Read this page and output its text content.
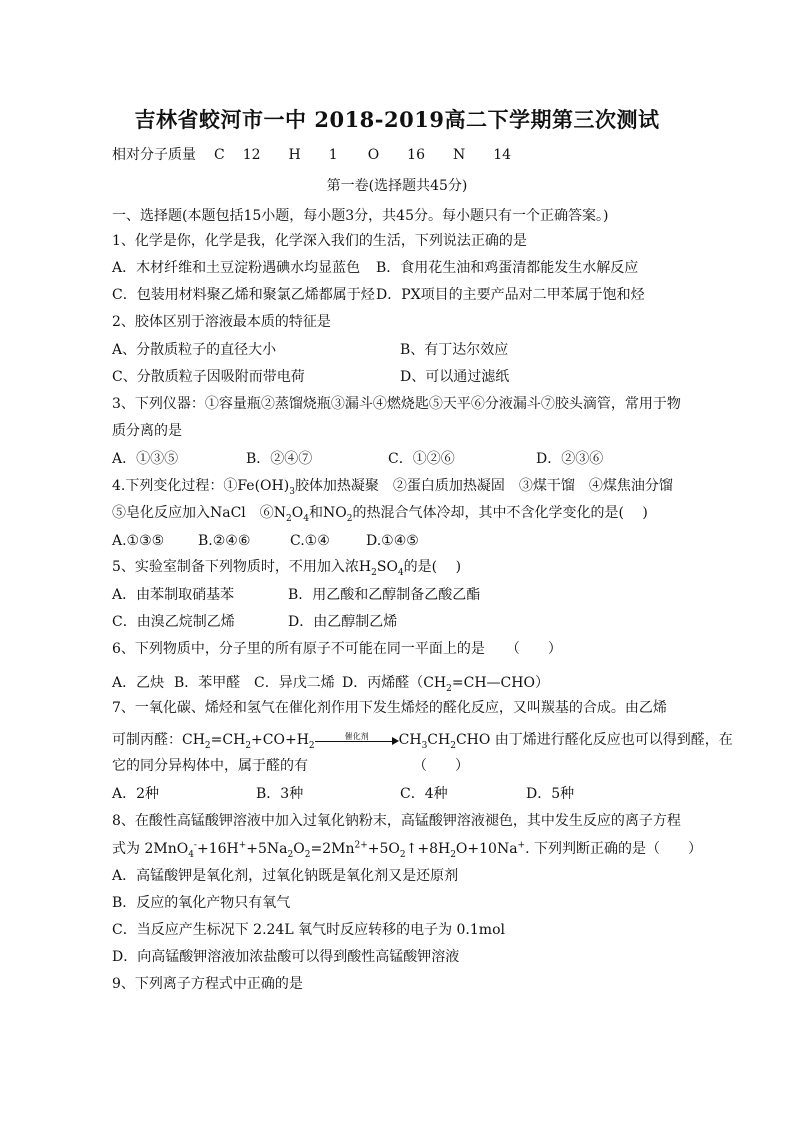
吉林省蛟河市一中 2018-2019高二下学期第三次测试
相对分子质量 C 12 H 1 O 16 N 14
第一卷(选择题共45分)
一、选择题(本题包括15小题，每小题3分，共45分。每小题只有一个正确答案。)
1、化学是你，化学是我，化学深入我们的生活，下列说法正确的是
A．木材纤维和土豆淀粉遇碘水均显蓝色 B．食用花生油和鸡蛋清都能发生水解反应
C．包装用材料聚乙烯和聚氯乙烯都属于烃 D．PX项目的主要产品对二甲苯属于饱和烃
2、胶体区别于溶液最本质的特征是
A、分散质粒子的直径大小	B、有丁达尔效应
C、分散质粒子因吸附而带电荷	D、可以通过滤纸
3、下列仪器：①容量瓶②蒸馏烧瓶③漏斗④燃烧匙⑤天平⑥分液漏斗⑦胶头滴管，常用于物
质分离的是
A．①③⑤	B．②④⑦	C．①②⑥	D．②③⑥
4.下列变化过程：$①Fe(OH)_3$胶体加热凝聚　②蛋白质加热凝固　③煤干馏　④煤焦油分馏
⑤皂化反应加入NaCl　$⑥N_2O_4$和$NO_2$的热混合气体冷却，其中不含化学变化的是(　 )
A.①③⑤ B.②④⑥	C.①④	D.①④⑤
5、实验室制备下列物质时，不用加入浓$H_2SO_4$的是(　 )
A．由苯制取硝基苯	B．用乙酸和乙醇制备乙酸乙酯
C．由溴乙烷制乙烯	D．由乙醇制乙烯
6、下列物质中，分子里的所有原子不可能在同一平面上的是　　（　　）
A．乙炔 B．苯甲醛 C．异戊二烯 D．丙烯醛$(CH_2=CH—CHO)$
7、一氧化碳、烯烃和氢气在催化剂作用下发生烯烃的醛化反应，又叫羰基的合成。由乙烯
可制丙醛：$CH_2=CH_2+CO+H_2$
催化剂	$CH_3CH_2CHO$ 由丁烯进行醛化反应也可以得到醛，在
它的同分异构体中，属于醛的有　　　　　　　　（　　）
A．2种	B．3种	C．4种	D．5种
8、在酸性高锰酸钾溶液中加入过氧化钠粉末，高锰酸钾溶液褪色，其中发生反应的离子方程
式为 $2MnO_4^-+16H^++5Na_2O_2=2Mn^{2+}+5O_2↑+8H_2O+10Na^+$. 下列判断正确的是（　　）
A．高锰酸钾是氧化剂，过氧化钠既是氧化剂又是还原剂
B．反应的氧化产物只有氧气
C．当反应产生标况下 2.24L 氧气时反应转移的电子为 0.1mol
D．向高锰酸钾溶液加浓盐酸可以得到酸性高锰酸钾溶液
9、下列离子方程式中正确的是
